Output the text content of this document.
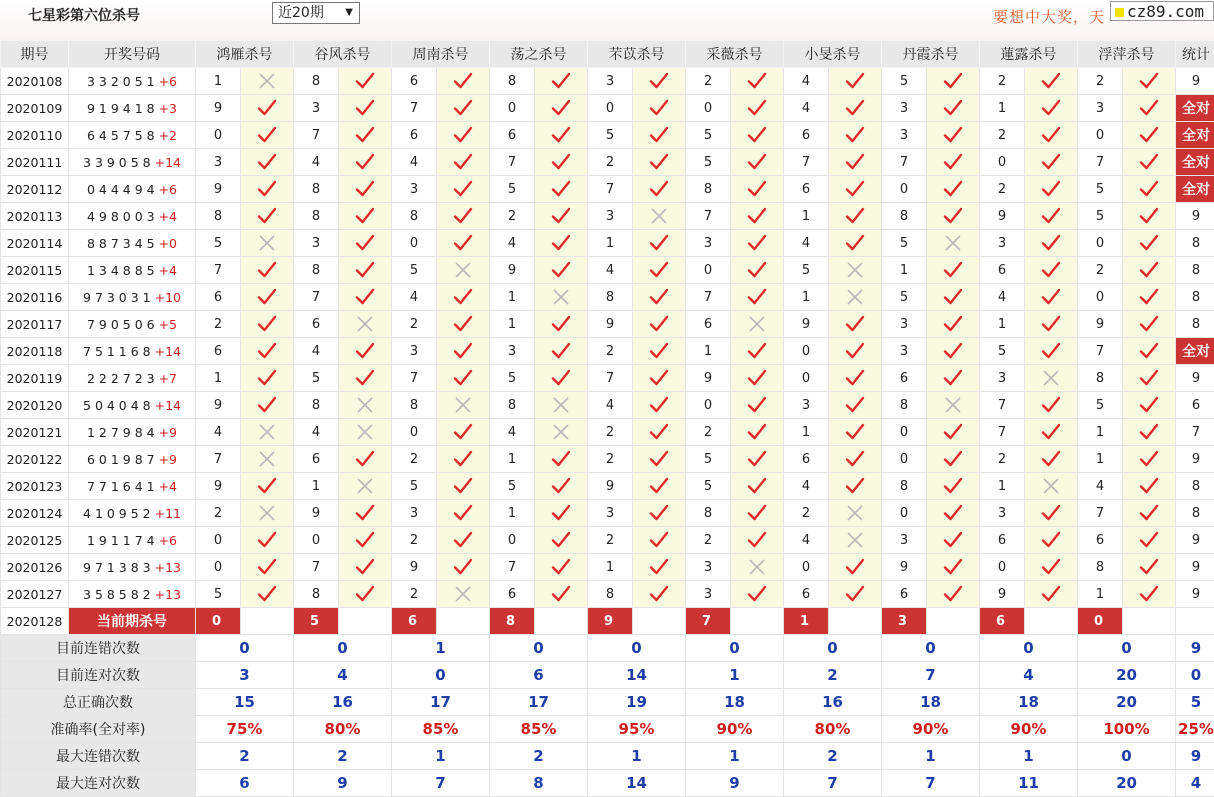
七星彩第六位杀号	近20期 ▼	要想中大奖，天	cz89.com
期号	开奖号码	鸿雁杀号		谷风杀号		周南杀号		荡之杀号		芣苡杀号		采薇杀号		小旻杀号		丹霞杀号		蓮露杀号		浮萍杀号		统计
2020108	3 3 2 0 5 1 +6	1		8		6		8		3		2		4		5		2		2		9
2020109	9 1 9 4 1 8 +3	9		3		7		0		0		0		4		3		1		3		全对
2020110	6 4 5 7 5 8 +2	0		7		6		6		5		5		6		3		2		0		全对
2020111	3 3 9 0 5 8 +14	3		4		4		7		2		5		7		7		0		7		全对
2020112	0 4 4 4 9 4 +6	9		8		3		5		7		8		6		0		2		5		全对
2020113	4 9 8 0 0 3 +4	8		8		8		2		3		7		1		8		9		5		9
2020114	8 8 7 3 4 5 +0	5		3		0		4		1		3		4		5		3		0		8
2020115	1 3 4 8 8 5 +4	7		8		5		9		4		0		5		1		6		2		8
2020116	9 7 3 0 3 1 +10	6		7		4		1		8		7		1		5		4		0		8
2020117	7 9 0 5 0 6 +5	2		6		2		1		9		6		9		3		1		9		8
2020118	7 5 1 1 6 8 +14	6		4		3		3		2		1		0		3		5		7		全对
2020119	2 2 2 7 2 3 +7	1		5		7		5		7		9		0		6		3		8		9
2020120	5 0 4 0 4 8 +14	9		8		8		8		4		0		3		8		7		5		6
2020121	1 2 7 9 8 4 +9	4		4		0		4		2		2		1		0		7		1		7
2020122	6 0 1 9 8 7 +9	7		6		2		1		2		5		6		0		2		1		9
2020123	7 7 1 6 4 1 +4	9		1		5		5		9		5		4		8		1		4		8
2020124	4 1 0 9 5 2 +11	2		9		3		1		3		8		2		0		3		7		8
2020125	1 9 1 1 7 4 +6	0		0		2		0		2		2		4		3		6		6		9
2020126	9 7 1 3 8 3 +13	0		7		9		7		1		3		0		9		0		8		9
2020127	3 5 8 5 8 2 +13	5		8		2		6		8		3		6		6		9		1		9
2020128	当前期杀号	0		5		6		8		9		7		1		3		6		0		
目前连错次数		0		0		1		0		0		0		0		0		0		0		9
目前连对次数		3		4		0		6		14		1		2		7		4		20		0
总正确次数		15		16		17		17		19		18		16		18		18		20		5
准确率(全对率)		75%		80%		85%		85%		95%		90%		80%		90%		90%		100%		25%
最大连错次数		2		2		1		2		1		1		2		1		1		0		9
最大连对次数		6		9		7		8		14		9		7		7		11		20		4
